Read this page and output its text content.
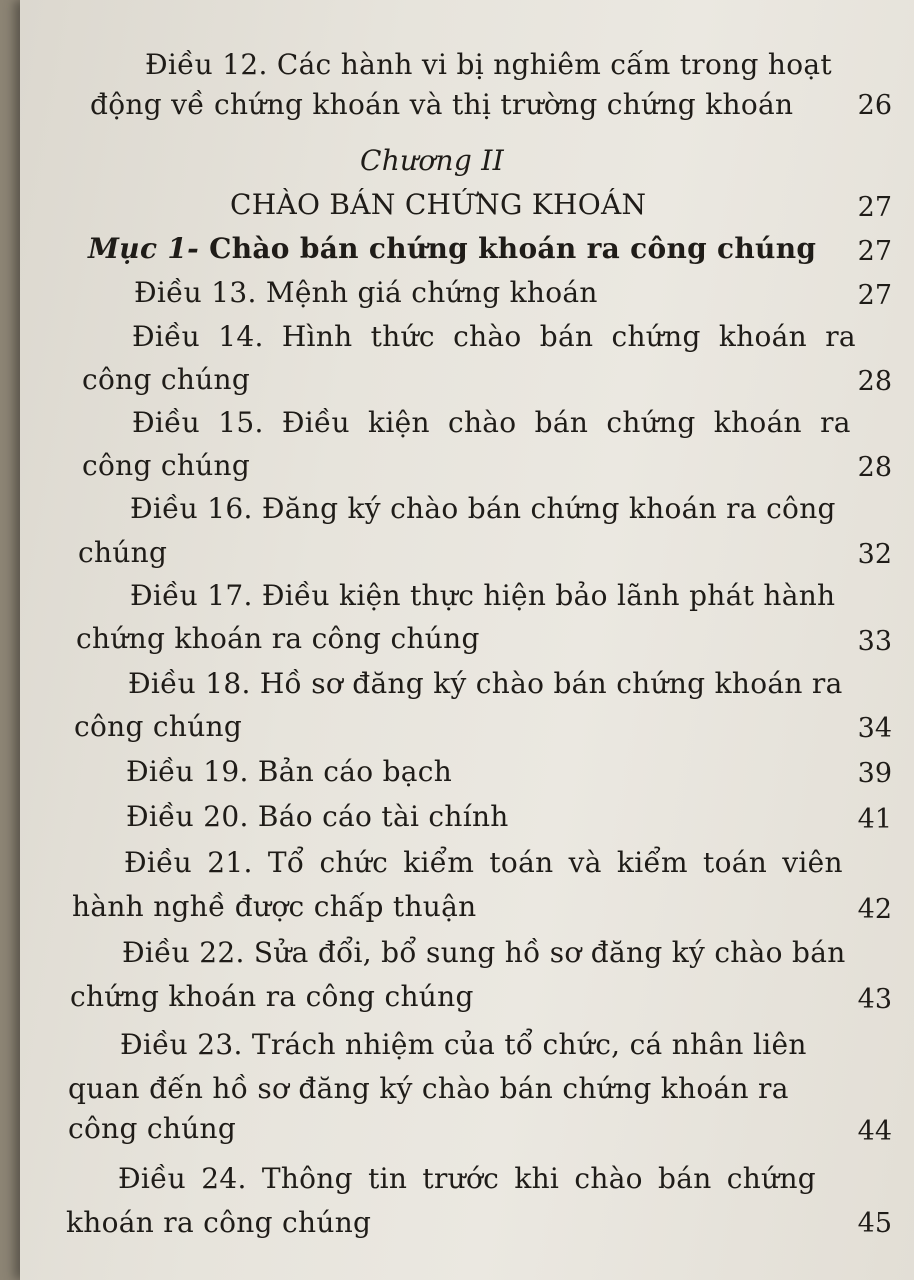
Điều 12. Các hành vi bị nghiêm cấm trong hoạt
động về chứng khoán và thị trường chứng khoán 26
Chương II
CHÀO BÁN CHỨNG KHOÁN	27
Mục 1- Chào bán chứng khoán ra công chúng 27
Điều 13. Mệnh giá chứng khoán	27
Điều 14. Hình thức chào bán chứng khoán ra
công chúng	28
Điều 15. Điều kiện chào bán chứng khoán ra
công chúng	28
Điều 16. Đăng ký chào bán chứng khoán ra công
chúng	32
Điều 17. Điều kiện thực hiện bảo lãnh phát hành
chứng khoán ra công chúng	33
Điều 18. Hồ sơ đăng ký chào bán chứng khoán ra
công chúng	34
Điều 19. Bản cáo bạch	39
Điều 20. Báo cáo tài chính	41
Điều 21. Tổ chức kiểm toán và kiểm toán viên
hành nghề được chấp thuận	42
Điều 22. Sửa đổi, bổ sung hồ sơ đăng ký chào bán
chứng khoán ra công chúng	43
Điều 23. Trách nhiệm của tổ chức, cá nhân liên
quan đến hồ sơ đăng ký chào bán chứng khoán ra
công chúng	44
Điều 24. Thông tin trước khi chào bán chứng
khoán ra công chúng	45
